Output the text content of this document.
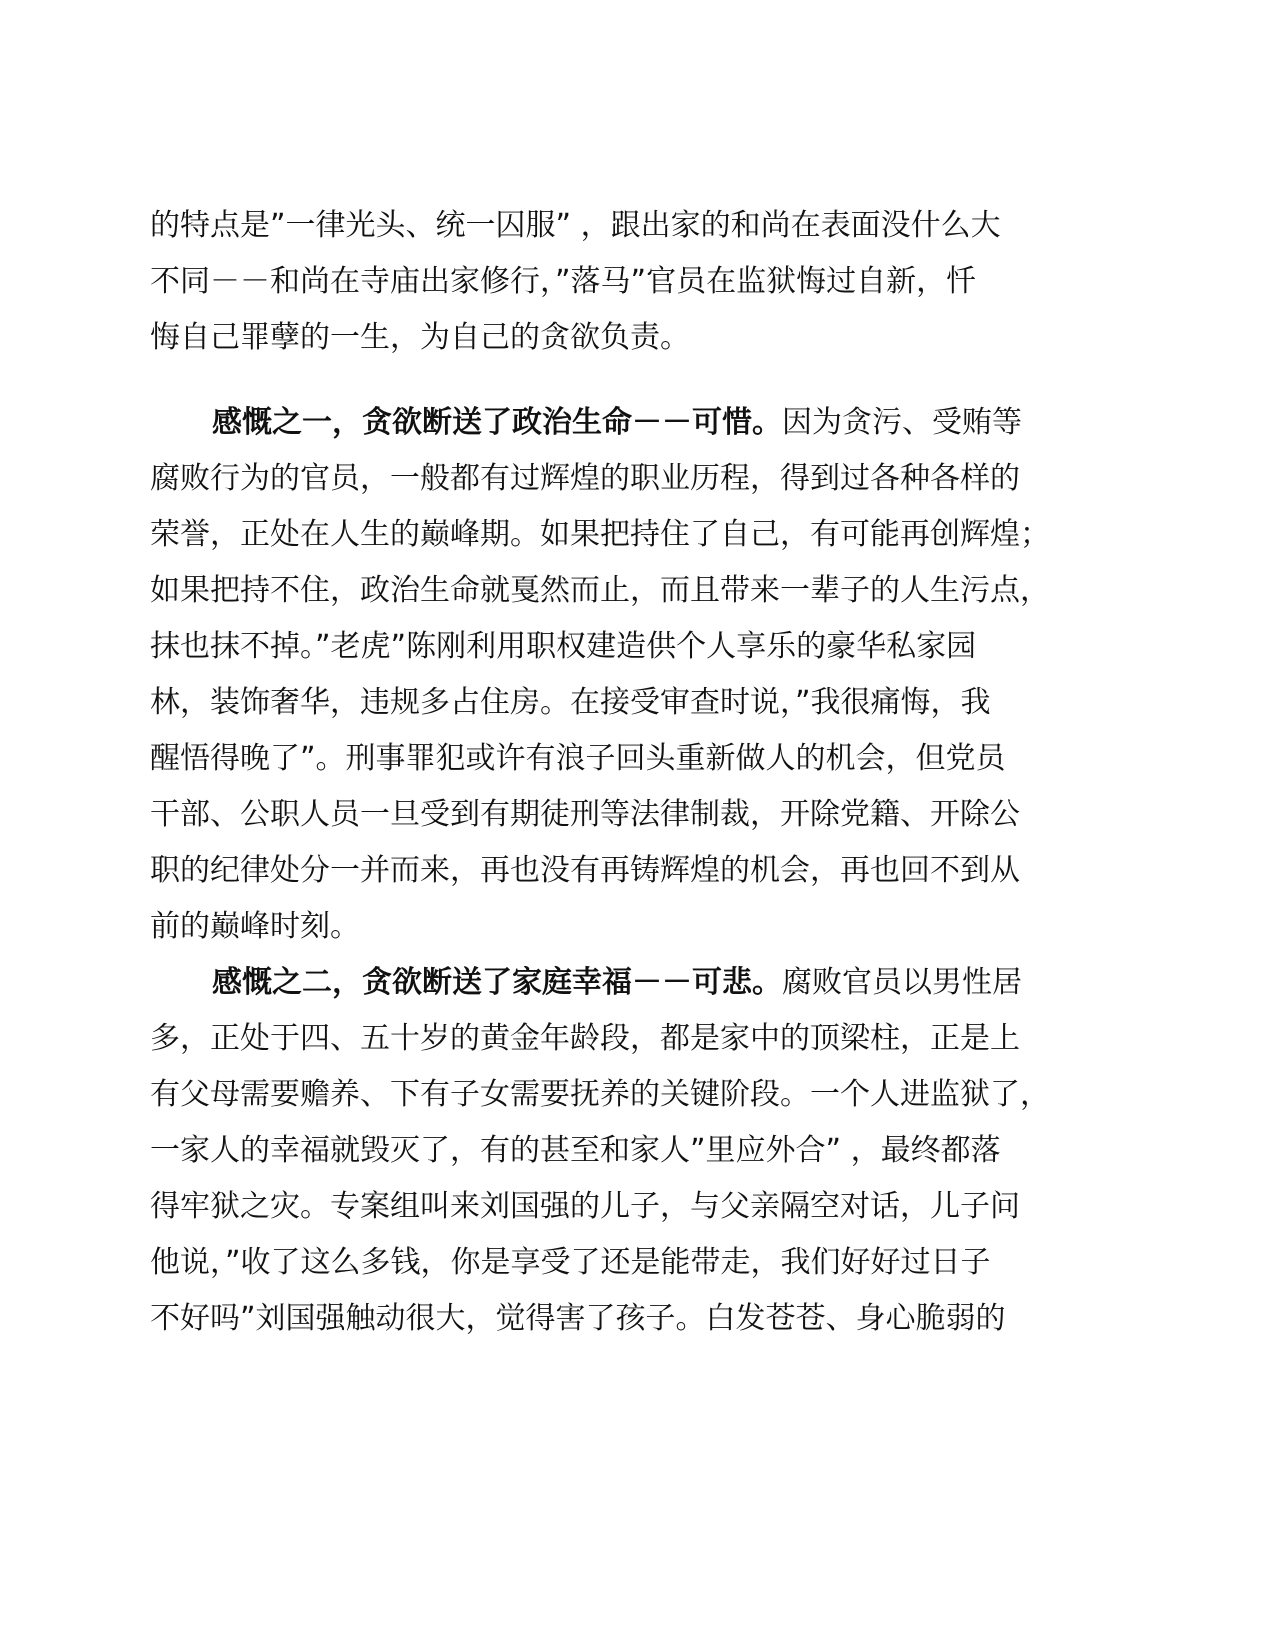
的特点是”一律光头、统一囚服” ，跟出家的和尚在表面没什么大
不同－－和尚在寺庙出家修行，”落马”官员在监狱悔过自新，忏
悔自己罪孽的一生，为自己的贪欲负责。
感慨之一，贪欲断送了政治生命－－可惜。因为贪污、受贿等
腐败行为的官员，一般都有过辉煌的职业历程，得到过各种各样的
荣誉，正处在人生的巅峰期。如果把持住了自己，有可能再创辉煌；
如果把持不住，政治生命就戛然而止，而且带来一辈子的人生污点，
抹也抹不掉。”老虎”陈刚利用职权建造供个人享乐的豪华私家园
林，装饰奢华，违规多占住房。在接受审查时说，”我很痛悔，我
醒悟得晚了”。刑事罪犯或许有浪子回头重新做人的机会，但党员
干部、公职人员一旦受到有期徒刑等法律制裁，开除党籍、开除公
职的纪律处分一并而来，再也没有再铸辉煌的机会，再也回不到从
前的巅峰时刻。
感慨之二，贪欲断送了家庭幸福－－可悲。腐败官员以男性居
多，正处于四、五十岁的黄金年龄段，都是家中的顶梁柱，正是上
有父母需要赡养、下有子女需要抚养的关键阶段。一个人进监狱了，
一家人的幸福就毁灭了，有的甚至和家人”里应外合” ，最终都落
得牢狱之灾。专案组叫来刘国强的儿子，与父亲隔空对话，儿子问
他说，”收了这么多钱，你是享受了还是能带走，我们好好过日子
不好吗”刘国强触动很大，觉得害了孩子。白发苍苍、身心脆弱的
